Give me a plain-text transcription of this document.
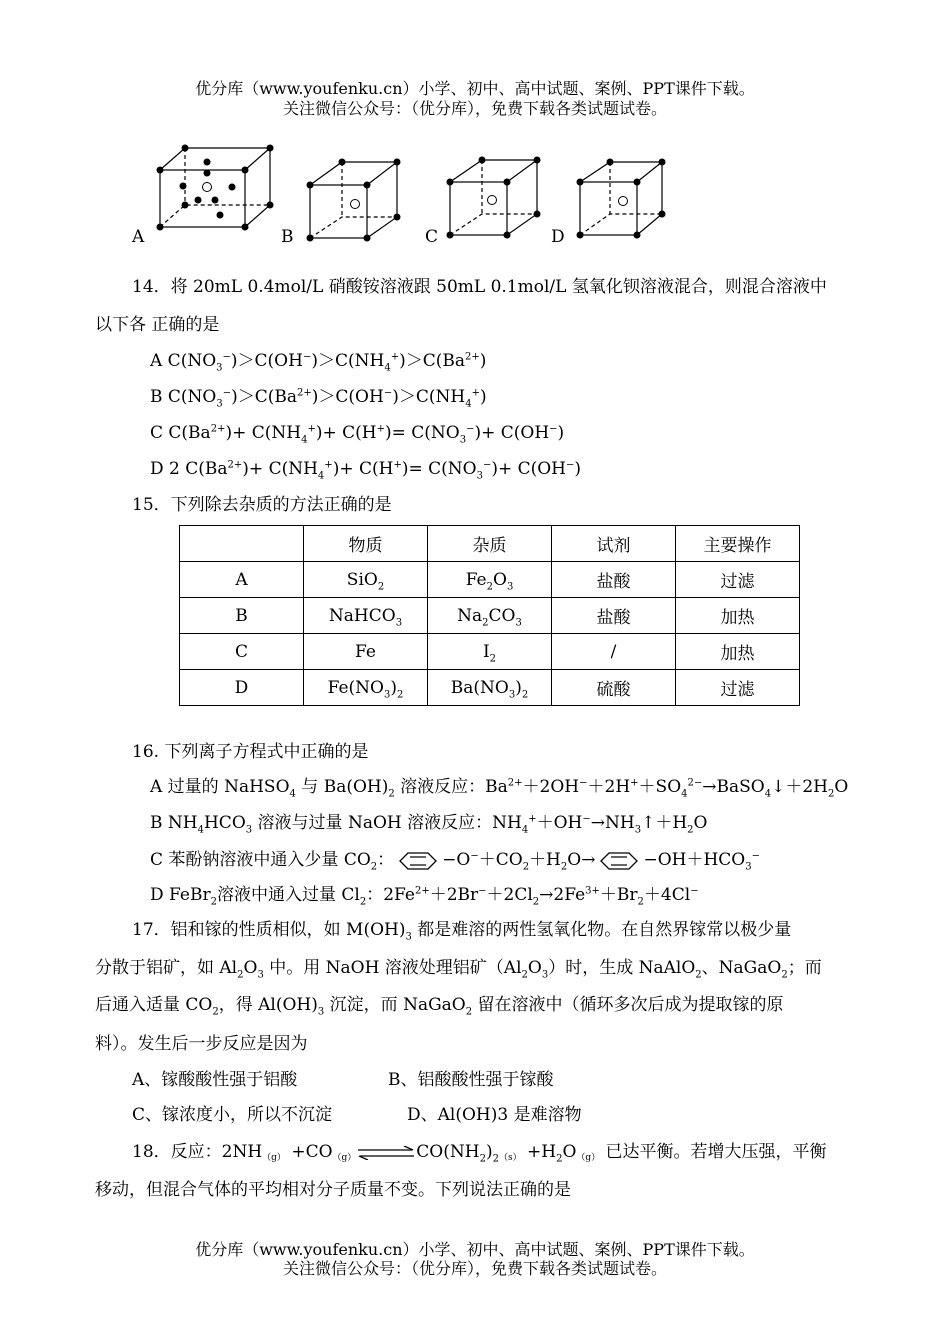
优分库（www.youfenku.cn）小学、初中、高中试题、案例、PPT课件下载。
关注微信公众号：（优分库），免费下载各类试题试卷。
A	B	C	D
14．将 20mL 0.4mol/L 硝酸铵溶液跟 50mL 0.1mol/L 氢氧化钡溶液混合，则混合溶液中
以下各 正确的是
A $C(NO_3^-)>C(OH^-)>C(NH_4^+)>C(Ba^{2+})$
B $C(NO_3^-)>C(Ba^{2+})>C(OH^-)>C(NH_4^+)$
C $C(Ba^{2+})+ C(NH_4^+)+ C(H^+)= C(NO_3^-)+ C(OH^-)$
D 2 $C(Ba^{2+})+ C(NH_4^+)+ C(H^+)= C(NO_3^-)+ C(OH^-)$
15．下列除去杂质的方法正确的是
	物质	杂质	试剂	主要操作
A	SiO$_2$	$Fe_2O_3$	盐酸	过滤
B	NaHCO$_3$	$Na_2CO_3$	盐酸	加热
C	Fe	$I_2$	/	加热
D	$Fe(NO_3)_2$	$Ba(NO_3)_2$	硫酸	过滤
16. 下列离子方程式中正确的是
A 过量的 NaHSO$_4$ 与 $Ba(OH)_2$ 溶液反应：$Ba^{2+}+2OH^-+2H^++SO_4^{2-}\to BaSO_4↓+2H_2O$
B $NH_4HCO_3$ 溶液与过量 NaOH 溶液反应：$NH_4^++OH^-\to NH_3↑+H_2O$
C 苯酚钠溶液中通入少量 $CO_2$：	$-O^-+CO_2+H_2O\to$	$-OH+HCO_3^-$
D FeBr$_2$溶液中通入过量 $Cl_2$：$2Fe^{2+}+2Br^-+2Cl_2\to 2Fe^{3+}+Br_2+4Cl^-$
17．铝和镓的性质相似，如 $M(OH)_3$ 都是难溶的两性氢氧化物。在自然界镓常以极少量
分散于铝矿，如 $Al_2O_3$ 中。用 NaOH 溶液处理铝矿$(Al_2O_3)$时，生成 NaAlO$_2$、NaGaO$_2$；而
后通入适量 $CO_2$，得 $Al(OH)_3$ 沉淀，而 NaGaO$_2$ 留在溶液中（循环多次后成为提取镓的原
料）。发生后一步反应是因为
A、镓酸酸性强于铝酸	B、铝酸酸性强于镓酸
C、镓浓度小，所以不沉淀	D、Al(OH)3 是难溶物
18．反应：$2NH(g) +CO(g)\rightleftharpoons CO(NH_2)_2(s) +H_2O(g)$ 已达平衡。若增大压强，平衡
移动，但混合气体的平均相对分子质量不变。下列说法正确的是
优分库（www.youfenku.cn）小学、初中、高中试题、案例、PPT课件下载。
关注微信公众号：（优分库），免费下载各类试题试卷。
